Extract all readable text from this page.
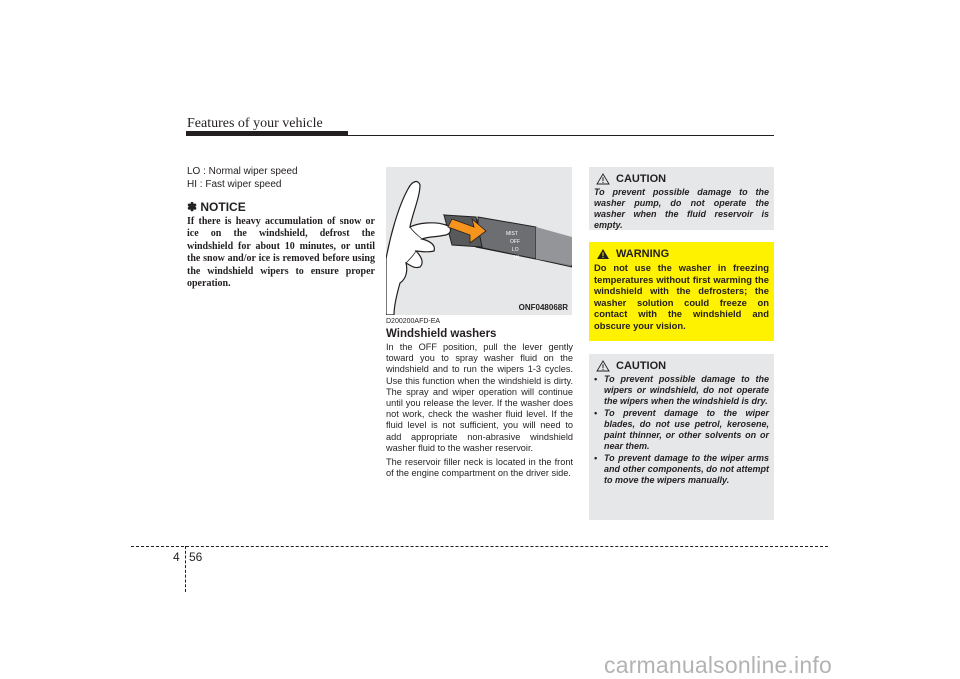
Features of your vehicle

LO : Normal wiper speed

HI : Fast wiper speed

✽ NOTICE

If there is heavy accumulation of snow or ice on the windshield, defrost the windshield for about 10 minutes, or until the snow and/or ice is removed before using the windshield wipers to ensure proper operation.

MIST
OFF
LO
HI
ONF048068R

D200200AFD-EA

Windshield washers

In the OFF position, pull the lever gently toward you to spray washer fluid on the windshield and to run the wipers 1-3 cycles. Use this function when the windshield is dirty. The spray and wiper operation will continue until you release the lever. If the washer does not work, check the washer fluid level. If the fluid level is not sufficient, you will need to add appropriate non-abrasive windshield washer fluid to the washer reservoir.

The reservoir filler neck is located in the front of the engine compartment on the driver side.

CAUTION

To prevent possible damage to the washer pump, do not operate the washer when the fluid reservoir is empty.

WARNING

Do not use the washer in freezing temperatures without first warming the windshield with the defrosters; the washer solution could freeze on contact with the windshield and obscure your vision.

CAUTION
• To prevent possible damage to the wipers or windshield, do not operate the wipers when the windshield is dry.
• To prevent damage to the wiper blades, do not use petrol, kerosene, paint thinner, or other solvents on or near them.
• To prevent damage to the wiper arms and other components, do not attempt to move the wipers manually.
4 56
carmanualsonline.info
